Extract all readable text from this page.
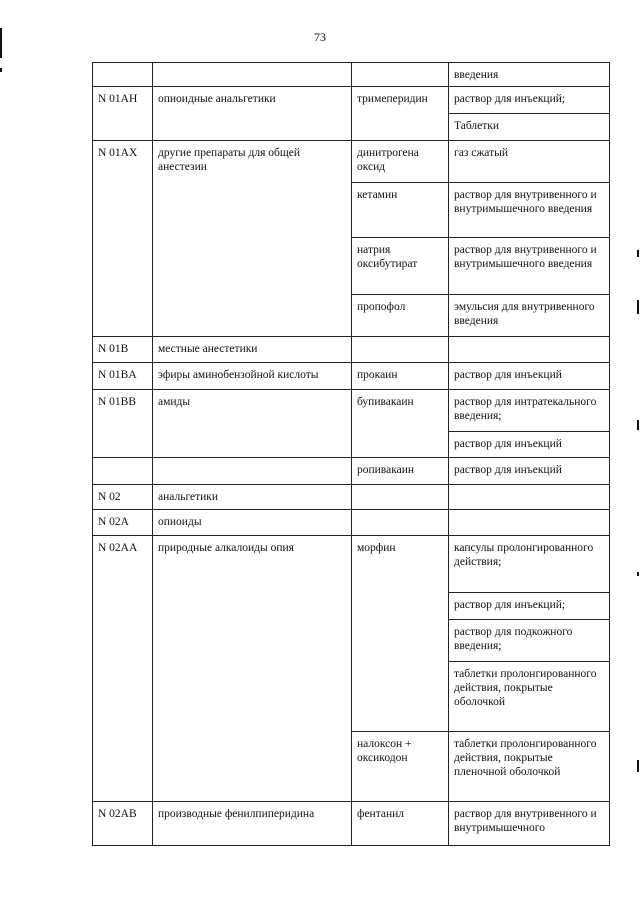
73
			введения
N 01AH	опиоидные анальгетики	тримеперидин	раствор для инъекций;
			Таблетки
N 01AX	другие препараты для общей анестезии	динитрогена оксид	газ сжатый
		кетамин	раствор для внутривенного и внутримышечного введения
		натрия оксибутират	раствор для внутривенного и внутримышечного введения
		пропофол	эмульсия для внутривенного введения
N 01B	местные анестетики		
N 01BA	эфиры аминобензойной кислоты	прокаин	раствор для инъекций
N 01BB	амиды	бупивакаин	раствор для интратекального введения;
			раствор для инъекций
		ропивакаин	раствор для инъекций
N 02	анальгетики		
N 02A	опиоиды		
N 02AA	природные алкалоиды опия	морфин	капсулы пролонгированного действия;
			раствор для инъекций;
			раствор для подкожного введения;
			таблетки пролонгированного действия, покрытые оболочкой
		налоксон + оксикодон	таблетки пролонгированного действия, покрытые пленочной оболочкой
N 02AB	производные фенилпиперидина	фентанил	раствор для внутривенного и внутримышечного
